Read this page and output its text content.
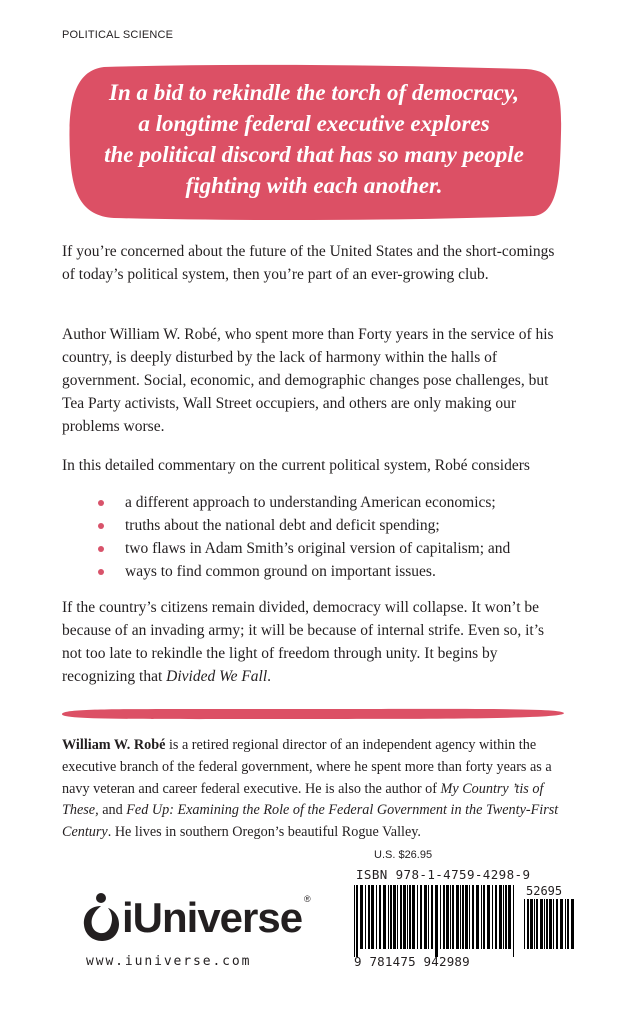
POLITICAL SCIENCE
In a bid to rekindle the torch of democracy,
a longtime federal executive explores
the political discord that has so many people
fighting with each another.

If you’re concerned about the future of the United States and the short-comings of today’s political system, then you’re part of an ever-growing club.

Author William W. Robé, who spent more than Forty years in the service of his country, is deeply disturbed by the lack of harmony within the halls of government. Social, economic, and demographic changes pose challenges, but Tea Party activists, Wall Street occupiers, and others are only making our problems worse.

In this detailed commentary on the current political system, Robé considers

a different approach to understanding American economics;
truths about the national debt and deficit spending;
two flaws in Adam Smith’s original version of capitalism; and
ways to find common ground on important issues.

If the country’s citizens remain divided, democracy will collapse. It won’t be because of an invading army; it will be because of internal strife. Even so, it’s not too late to rekindle the light of freedom through unity. It begins by recognizing that Divided We Fall.

William W. Robé is a retired regional director of an independent agency within the executive branch of the federal government, where he spent more than forty years as a navy veteran and career federal executive. He is also the author of My Country ’tis of These, and Fed Up: Examining the Role of the Federal Government in the Twenty-First Century. He lives in southern Oregon’s beautiful Rogue Valley.
U.S. $26.95
ISBN 978-1-4759-4298-9
52695
9 781475 942989
iUniverse ®
www.iuniverse.com
